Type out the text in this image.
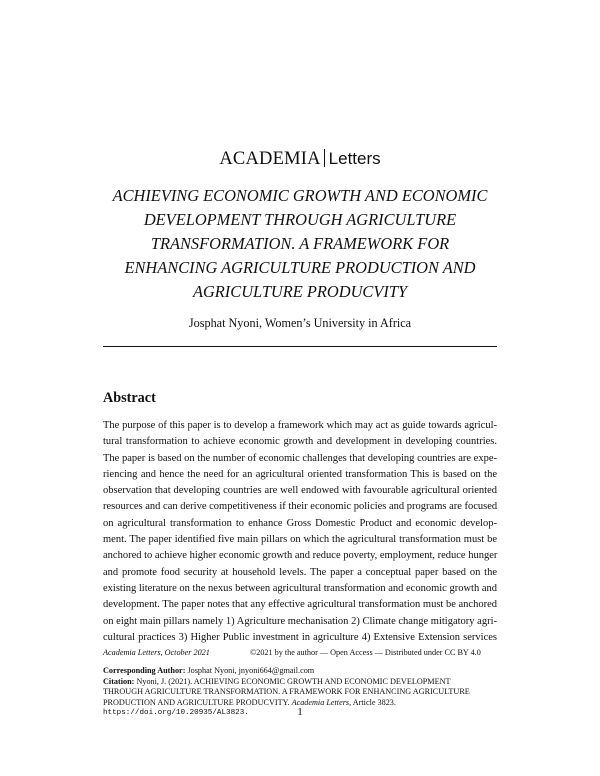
ACADEMIA Letters
ACHIEVING ECONOMIC GROWTH AND ECONOMIC
DEVELOPMENT THROUGH AGRICULTURE
TRANSFORMATION. A FRAMEWORK FOR
ENHANCING AGRICULTURE PRODUCTION AND
AGRICULTURE PRODUCVITY
Josphat Nyoni, Women’s University in Africa
Abstract
The purpose of this paper is to develop a framework which may act as guide towards agricul-
tural transformation to achieve economic growth and development in developing countries.
The paper is based on the number of economic challenges that developing countries are expe-
riencing and hence the need for an agricultural oriented transformation This is based on the
observation that developing countries are well endowed with favourable agricultural oriented
resources and can derive competitiveness if their economic policies and programs are focused
on agricultural transformation to enhance Gross Domestic Product and economic develop-
ment. The paper identified five main pillars on which the agricultural transformation must be
anchored to achieve higher economic growth and reduce poverty, employment, reduce hunger
and promote food security at household levels. The paper a conceptual paper based on the
existing literature on the nexus between agricultural transformation and economic growth and
development. The paper notes that any effective agricultural transformation must be anchored
on eight main pillars namely 1) Agriculture mechanisation 2) Climate change mitigatory agri-
cultural practices 3) Higher Public investment in agriculture 4) Extensive Extension services
Academia Letters, October 2021	©2021 by the author — Open Access — Distributed under CC BY 4.0
Corresponding Author: Josphat Nyoni, jnyoni664@gmail.com
Citation: Nyoni, J. (2021). ACHIEVING ECONOMIC GROWTH AND ECONOMIC DEVELOPMENT
THROUGH AGRICULTURE TRANSFORMATION. A FRAMEWORK FOR ENHANCING AGRICULTURE
PRODUCTION AND AGRICULTURE PRODUCVITY. Academia Letters, Article 3823.
https://doi.org/10.20935/AL3823.	1
